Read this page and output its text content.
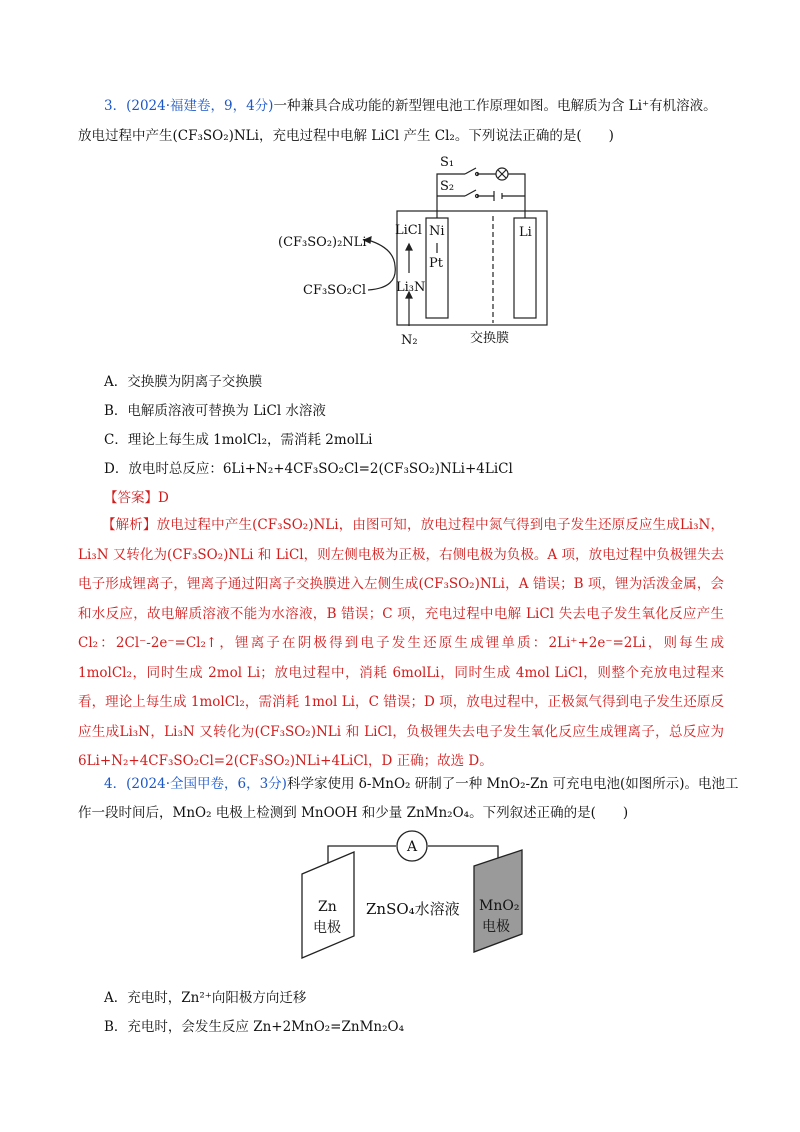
3．(2024·福建卷，9，4分)一种兼具合成功能的新型锂电池工作原理如图。电解质为含 Li⁺有机溶液。
放电过程中产生(CF₃SO₂)NLi，充电过程中电解 LiCl 产生 Cl₂。下列说法正确的是(　　)
S₁
S₂
LiCl Ni
Pt
Li
(CF₃SO₂)₂NLi
CF₃SO₂Cl Li₃N
N₂	交换膜
A．交换膜为阴离子交换膜
B．电解质溶液可替换为 LiCl 水溶液
C．理论上每生成 1molCl₂，需消耗 2molLi
D．放电时总反应：6Li+N₂+4CF₃SO₂Cl=2(CF₃SO₂)NLi+4LiCl
【答案】D
【解析】放电过程中产生(CF₃SO₂)NLi，由图可知，放电过程中氮气得到电子发生还原反应生成Li₃N，Li₃N 又转化为(CF₃SO₂)NLi 和 LiCl，则左侧电极为正极，右侧电极为负极。A 项，放电过程中负极锂失去电子形成锂离子，锂离子通过阳离子交换膜进入左侧生成(CF₃SO₂)NLi，A 错误；B 项，锂为活泼金属，会和水反应，故电解质溶液不能为水溶液，B 错误；C 项，充电过程中电解 LiCl 失去电子发生氧化反应产生 Cl₂：2Cl⁻-2e⁻=Cl₂↑，锂离子在阴极得到电子发生还原生成锂单质：2Li⁺+2e⁻=2Li，则每生成1molCl₂，同时生成 2mol Li；放电过程中，消耗 6molLi，同时生成 4mol LiCl，则整个充放电过程来看，理论上每生成 1molCl₂，需消耗 1mol Li，C 错误；D 项，放电过程中，正极氮气得到电子发生还原反应生成Li₃N，Li₃N 又转化为(CF₃SO₂)NLi 和 LiCl，负极锂失去电子发生氧化反应生成锂离子，总反应为6Li+N₂+4CF₃SO₂Cl=2(CF₃SO₂)NLi+4LiCl，D 正确；故选 D。
4．(2024·全国甲卷，6，3分)科学家使用 δ-MnO₂ 研制了一种 MnO₂-Zn 可充电电池(如图所示)。电池工
作一段时间后，MnO₂ 电极上检测到 MnOOH 和少量 ZnMn₂O₄。下列叙述正确的是(　　)
A
Zn
电极
ZnSO₄水溶液 MnO₂
电极
A．充电时，Zn²⁺向阳极方向迁移
B．充电时，会发生反应 Zn+2MnO₂=ZnMn₂O₄
